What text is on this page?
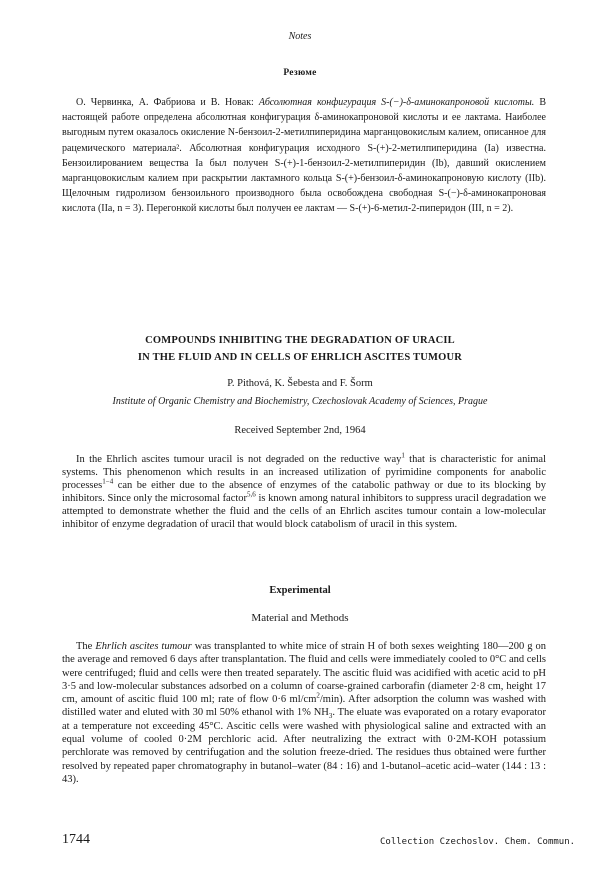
Notes
Резюме

О. Червинка, А. Фабриова и В. Новак: Абсолютная конфигурация S-(−)-δ-аминокапроновой кислоты. В настоящей работе определена абсолютная конфигурация δ-аминокапроновой кислоты и ее лактама. Наиболее выгодным путем оказалось окисление N-бензоил-2-метилпиперидина марганцовокислым калием, описанное для рацемического материала². Абсолютная конфигурация исходного S-(+)-2-метилпиперидина (Ia) известна. Бензоилированием вещества Ia был получен S-(+)-1-бензоил-2-метилпиперидин (Ib), давший окислением марганцовокислым калием при раскрытии лактамного кольца S-(+)-бензоил-δ-аминокапроновую кислоту (IIb). Щелочным гидролизом бензоильного производного была освобождена свободная S-(−)-δ-аминокапроновая кислота (IIa, n = 3). Перегонкой кислоты был получен ее лактам — S-(+)-6-метил-2-пиперидон (III, n = 2).

COMPOUNDS INHIBITING THE DEGRADATION OF URACIL
IN THE FLUID AND IN CELLS OF EHRLICH ASCITES TUMOUR
P. Pithová, K. Šebesta and F. Šorm
Institute of Organic Chemistry and Biochemistry, Czechoslovak Academy of Sciences, Prague
Received September 2nd, 1964

In the Ehrlich ascites tumour uracil is not degraded on the reductive way$^1$ that is characteristic for animal systems. This phenomenon which results in an increased utilization of pyrimidine components for anabolic processes$^{1-4}$ can be either due to the absence of enzymes of the catabolic pathway or due to its blocking by inhibitors. Since only the microsomal factor$^{5,6}$ is known among natural inhibitors to suppress uracil degradation we attempted to demonstrate whether the fluid and the cells of an Ehrlich ascites tumour contain a low-molecular inhibitor of enzyme degradation of uracil that would block catabolism of uracil in this system.

Experimental
Material and Methods

The Ehrlich ascites tumour was transplanted to white mice of strain H of both sexes weighting 180—200 g on the average and removed 6 days after transplantation. The fluid and cells were immediately cooled to 0°C and cells were centrifuged; fluid and cells were then treated separately. The ascitic fluid was acidified with acetic acid to pH 3·5 and low-molecular substances adsorbed on a column of coarse-grained carborafin (diameter 2·8 cm, height 17 cm, amount of ascitic fluid 100 ml; rate of flow 0·6 $ml/cm^2/\min$). After adsorption the column was washed with distilled water and eluted with 30 ml 50% ethanol with 1% $NH_3$. The eluate was evaporated on a rotary evaporator at a temperature not exceeding 45°C. Ascitic cells were washed with physiological saline and extracted with an equal volume of cooled 0·2M perchloric acid. After neutralizing the extract with 0·2M-KOH potassium perchlorate was removed by centrifugation and the solution freeze-dried. The residues thus obtained were further resolved by repeated paper chromatography in butanol–water (84 : 16) and 1-butanol–acetic acid–water (144 : 13 : 43).

1744	Collection Czechoslov. Chem. Commun.
